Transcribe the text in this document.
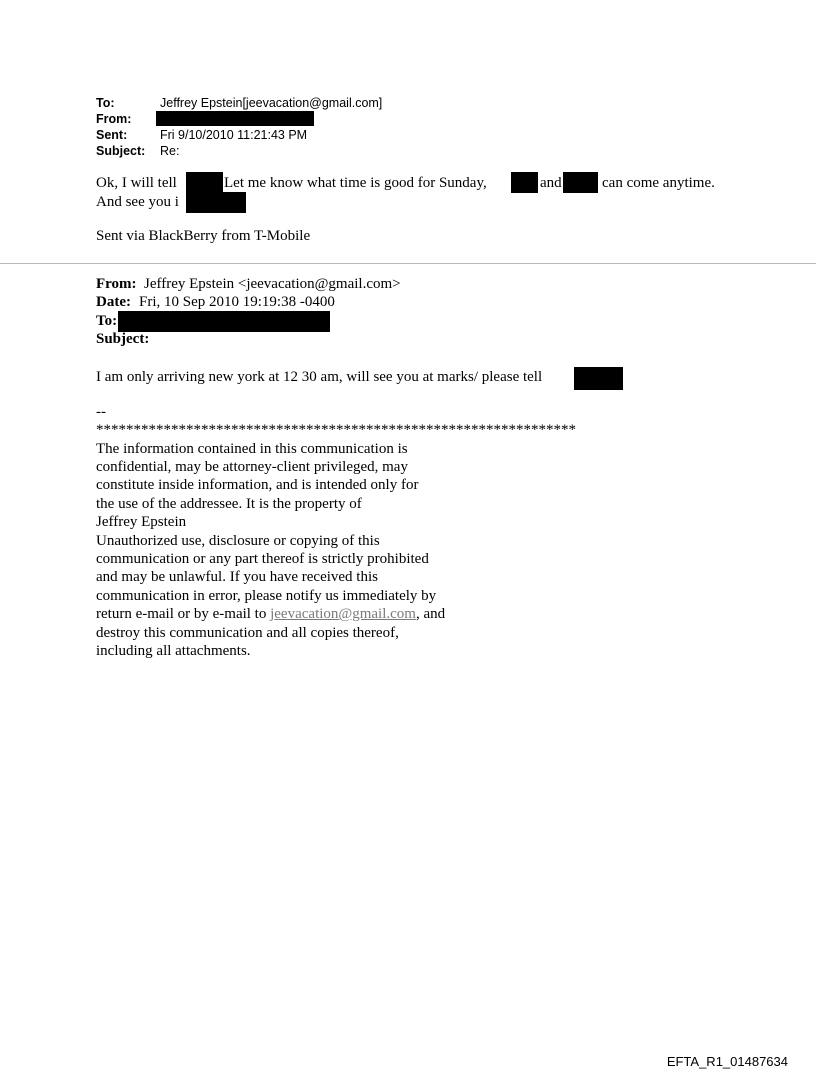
To:	Jeffrey Epstein[jeevacation@gmail.com]
From:
Sent:	Fri 9/10/2010 11:21:43 PM
Subject: Re:
Ok, I will tell	Let me know what time is good for Sunday,	and	can come anytime.
And see you i
Sent via BlackBerry from T-Mobile
From: Jeffrey Epstein <jeevacation@gmail.com>
Date: Fri, 10 Sep 2010 19:19:38 -0400
To:
Subject:
I am only arriving new york at 12 30 am, will see you at marks/ please tell
--
****************************************************************
The information contained in this communication is
confidential, may be attorney-client privileged, may
constitute inside information, and is intended only for
the use of the addressee. It is the property of
Jeffrey Epstein
Unauthorized use, disclosure or copying of this
communication or any part thereof is strictly prohibited
and may be unlawful. If you have received this
communication in error, please notify us immediately by
return e-mail or by e-mail to jeevacation@gmail.com, and
destroy this communication and all copies thereof,
including all attachments.
EFTA_R1_01487634
